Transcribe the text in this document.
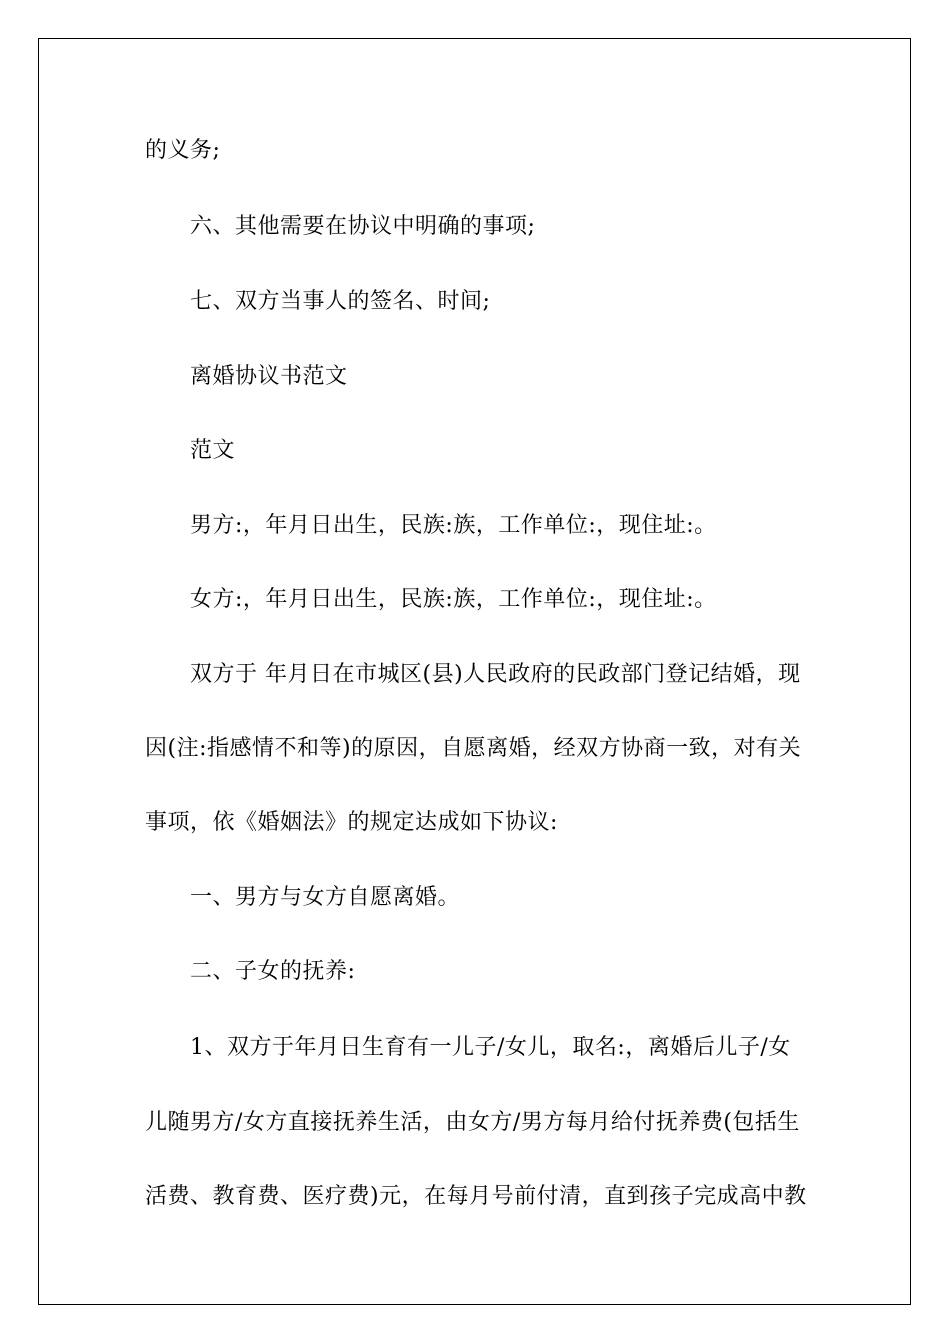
的义务;
六、其他需要在协议中明确的事项;
七、双方当事人的签名、时间;
离婚协议书范文
范文
男方:，年月日出生，民族:族，工作单位:，现住址:。
女方:，年月日出生，民族:族，工作单位:，现住址:。
双方于 年月日在市城区(县)人民政府的民政部门登记结婚，现
因(注:指感情不和等)的原因，自愿离婚，经双方协商一致，对有关
事项，依《婚姻法》的规定达成如下协议:
一、男方与女方自愿离婚。
二、子女的抚养:
1、双方于年月日生育有一儿子/女儿，取名:，离婚后儿子/女
儿随男方/女方直接抚养生活，由女方/男方每月给付抚养费(包括生
活费、教育费、医疗费)元，在每月号前付清，直到孩子完成高中教
